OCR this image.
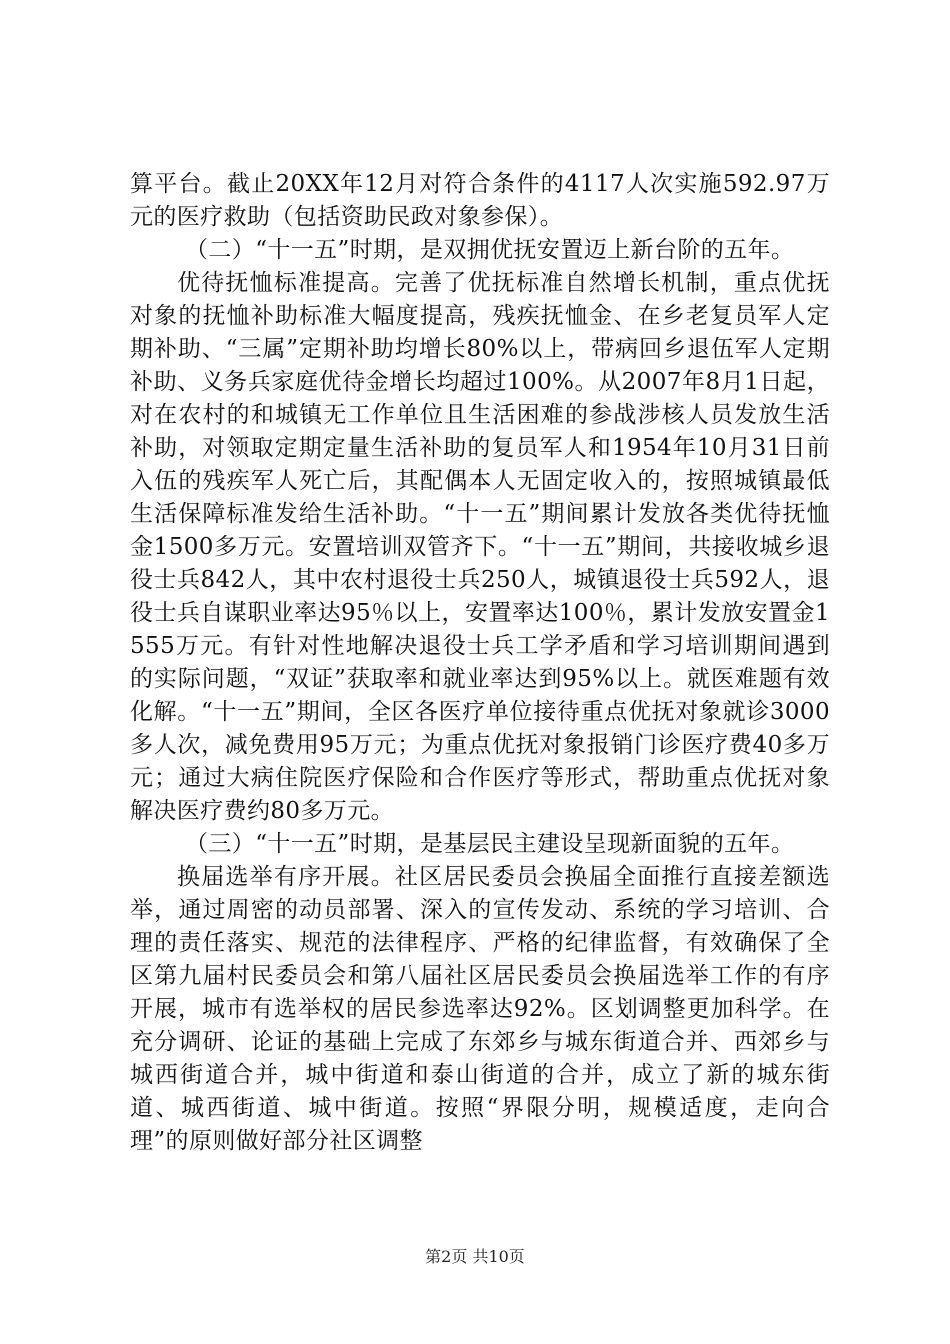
算平台。截止20XX年12月对符合条件的4117人次实施592.97万元的医疗救助（包括资助民政对象参保）。

（二）“十一五”时期，是双拥优抚安置迈上新台阶的五年。

优待抚恤标准提高。完善了优抚标准自然增长机制，重点优抚对象的抚恤补助标准大幅度提高，残疾抚恤金、在乡老复员军人定期补助、“三属”定期补助均增长80%以上，带病回乡退伍军人定期补助、义务兵家庭优待金增长均超过100%。从2007年8月1日起，对在农村的和城镇无工作单位且生活困难的参战涉核人员发放生活补助，对领取定期定量生活补助的复员军人和1954年10月31日前入伍的残疾军人死亡后，其配偶本人无固定收入的，按照城镇最低生活保障标准发给生活补助。“十一五”期间累计发放各类优待抚恤金1500多万元。安置培训双管齐下。“十一五”期间，共接收城乡退役士兵842人，其中农村退役士兵250人，城镇退役士兵592人，退役士兵自谋职业率达95％以上，安置率达100％，累计发放安置金1555万元。有针对性地解决退役士兵工学矛盾和学习培训期间遇到的实际问题，“双证”获取率和就业率达到95%以上。就医难题有效化解。“十一五”期间，全区各医疗单位接待重点优抚对象就诊3000多人次，减免费用95万元；为重点优抚对象报销门诊医疗费40多万元；通过大病住院医疗保险和合作医疗等形式，帮助重点优抚对象解决医疗费约80多万元。

（三）“十一五”时期，是基层民主建设呈现新面貌的五年。

换届选举有序开展。社区居民委员会换届全面推行直接差额选举，通过周密的动员部署、深入的宣传发动、系统的学习培训、合理的责任落实、规范的法律程序、严格的纪律监督，有效确保了全区第九届村民委员会和第八届社区居民委员会换届选举工作的有序开展，城市有选举权的居民参选率达92%。区划调整更加科学。在充分调研、论证的基础上完成了东郊乡与城东街道合并、西郊乡与城西街道合并，城中街道和泰山街道的合并，成立了新的城东街道、城西街道、城中街道。按照“界限分明，规模适度，走向合理”的原则做好部分社区调整

第2页 共10页
